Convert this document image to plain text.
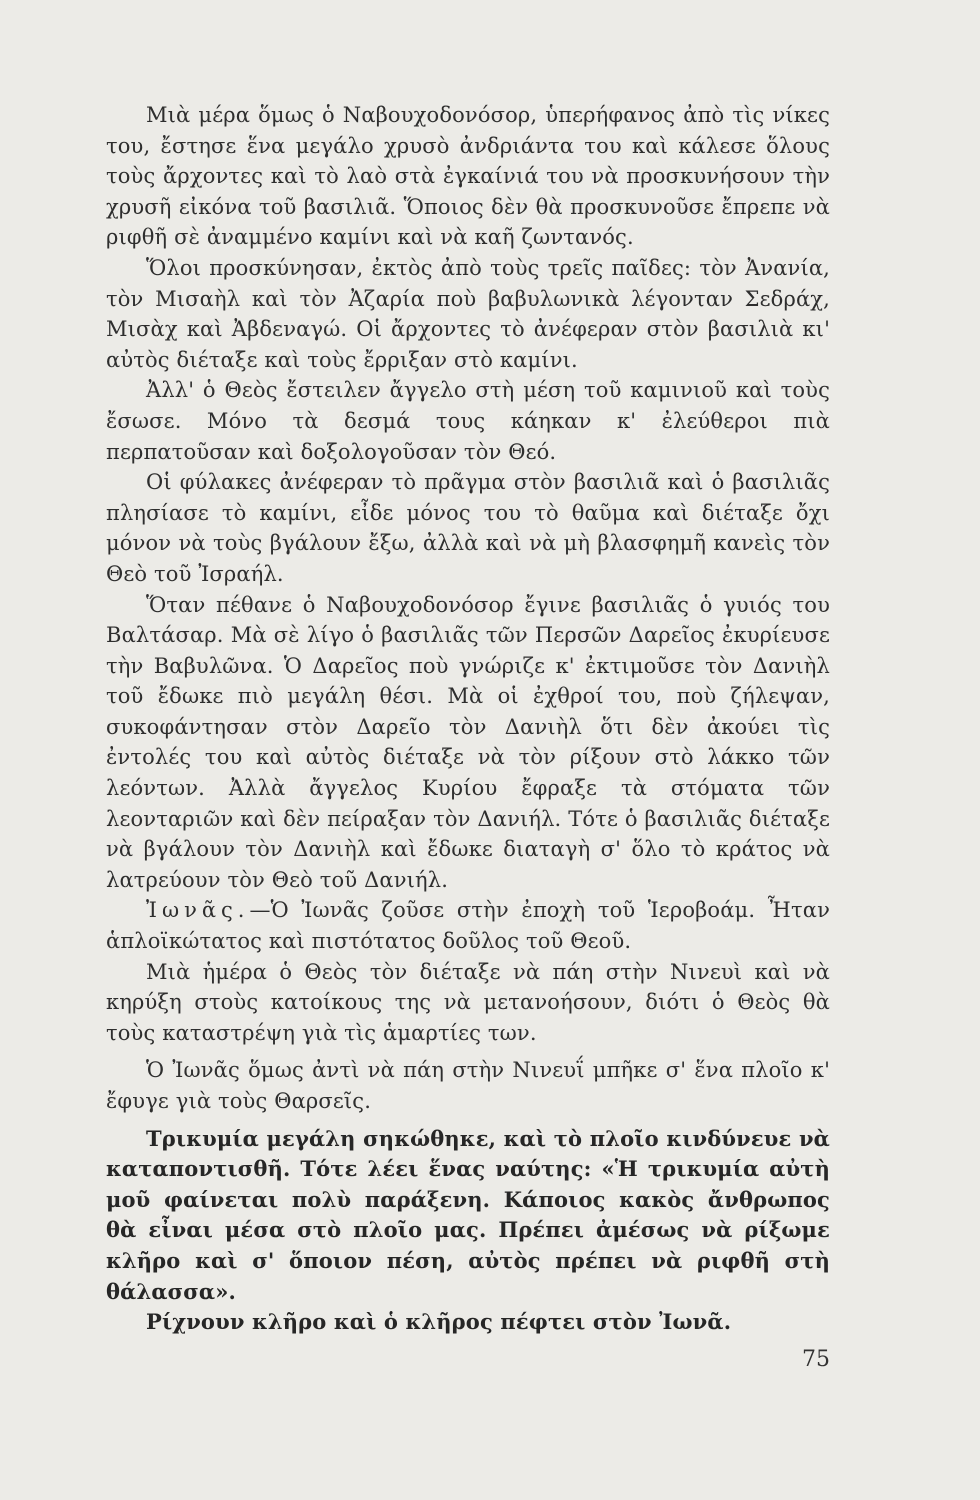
Μιὰ μέρα ὅμως ὁ Ναβουχοδονόσορ, ὑπερήφανος ἀπὸ τὶς νίκες του, ἔστησε ἕνα μεγάλο χρυσὸ ἀνδριάντα του καὶ κάλεσε ὅλους τοὺς ἄρχοντες καὶ τὸ λαὸ στὰ ἐγκαίνιά του νὰ προσκυνήσουν τὴν χρυσῆ εἰκόνα τοῦ βασιλιᾶ. Ὅποιος δὲν θὰ προσκυνοῦσε ἔπρεπε νὰ ριφθῆ σὲ ἀναμμένο καμίνι καὶ νὰ καῆ ζωντανός.

Ὅλοι προσκύνησαν, ἐκτὸς ἀπὸ τοὺς τρεῖς παῖδες: τὸν Ἀνανία, τὸν Μισαὴλ καὶ τὸν Ἀζαρία ποὺ βαβυλωνικὰ λέγονταν Σεδράχ, Μισὰχ καὶ Ἀβδεναγώ. Οἱ ἄρχοντες τὸ ἀνέφεραν στὸν βασιλιὰ κι' αὐτὸς διέταξε καὶ τοὺς ἔρριξαν στὸ καμίνι.

Ἀλλ' ὁ Θεὸς ἔστειλεν ἄγγελο στὴ μέση τοῦ καμινιοῦ καὶ τοὺς ἔσωσε. Μόνο τὰ δεσμά τους κάηκαν κ' ἐλεύθεροι πιὰ περπατοῦσαν καὶ δοξολογοῦσαν τὸν Θεό.

Οἱ φύλακες ἀνέφεραν τὸ πρᾶγμα στὸν βασιλιᾶ καὶ ὁ βασιλιᾶς πλησίασε τὸ καμίνι, εἶδε μόνος του τὸ θαῦμα καὶ διέταξε ὄχι μόνον νὰ τοὺς βγάλουν ἔξω, ἀλλὰ καὶ νὰ μὴ βλασφημῆ κανεὶς τὸν Θεὸ τοῦ Ἰσραήλ.

Ὅταν πέθανε ὁ Ναβουχοδονόσορ ἔγινε βασιλιᾶς ὁ γυιός του Βαλτάσαρ. Μὰ σὲ λίγο ὁ βασιλιᾶς τῶν Περσῶν Δαρεῖος ἐκυρίευσε τὴν Βαβυλῶνα. Ὁ Δαρεῖος ποὺ γνώριζε κ' ἐκτιμοῦσε τὸν Δανιὴλ τοῦ ἔδωκε πιὸ μεγάλη θέσι. Μὰ οἱ ἐχθροί του, ποὺ ζήλεψαν, συκοφάντησαν στὸν Δαρεῖο τὸν Δανιὴλ ὅτι δὲν ἀκούει τὶς ἐντολές του καὶ αὐτὸς διέταξε νὰ τὸν ρίξουν στὸ λάκκο τῶν λεόντων. Ἀλλὰ ἄγγελος Κυρίου ἔφραξε τὰ στόματα τῶν λεονταριῶν καὶ δὲν πείραξαν τὸν Δανιήλ. Τότε ὁ βασιλιᾶς διέταξε νὰ βγάλουν τὸν Δανιὴλ καὶ ἔδωκε διαταγὴ σ' ὅλο τὸ κράτος νὰ λατρεύουν τὸν Θεὸ τοῦ Δανιήλ.

Ἰωνᾶς.—Ὁ Ἰωνᾶς ζοῦσε στὴν ἐποχὴ τοῦ Ἱεροβοάμ. Ἦταν ἁπλοϊκώτατος καὶ πιστότατος δοῦλος τοῦ Θεοῦ.

Μιὰ ἡμέρα ὁ Θεὸς τὸν διέταξε νὰ πάη στὴν Νινευὶ καὶ νὰ κηρύξη στοὺς κατοίκους της νὰ μετανοήσουν, διότι ὁ Θεὸς θὰ τοὺς καταστρέψη γιὰ τὶς ἁμαρτίες των.

Ὁ Ἰωνᾶς ὅμως ἀντὶ νὰ πάη στὴν Νινευΐ μπῆκε σ' ἕνα πλοῖο κ' ἔφυγε γιὰ τοὺς Θαρσεῖς.

Τρικυμία μεγάλη σηκώθηκε, καὶ τὸ πλοῖο κινδύνευε νὰ καταποντισθῆ. Τότε λέει ἕνας ναύτης: «Ἡ τρικυμία αὐτὴ μοῦ φαίνεται πολὺ παράξενη. Κάποιος κακὸς ἄνθρωπος θὰ εἶναι μέσα στὸ πλοῖο μας. Πρέπει ἀμέσως νὰ ρίξωμε κλῆρο καὶ σ' ὅποιον πέση, αὐτὸς πρέπει νὰ ριφθῆ στὴ θάλασσα».

Ρίχνουν κλῆρο καὶ ὁ κλῆρος πέφτει στὸν Ἰωνᾶ.

75
